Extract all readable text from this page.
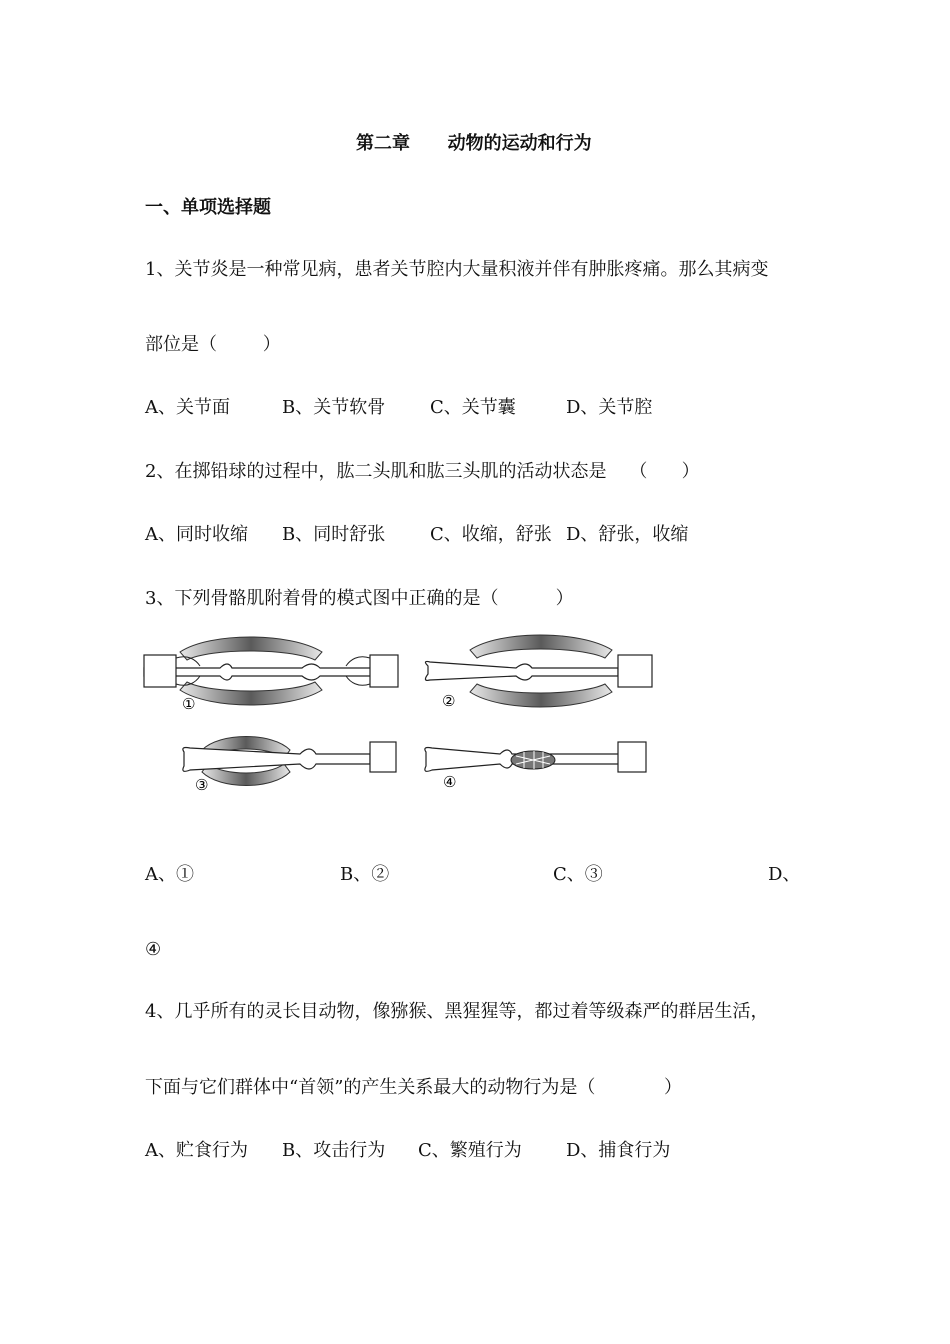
第二章      动物的运动和行为
一、单项选择题
1、关节炎是一种常见病，患者关节腔内大量积液并伴有肿胀疼痛。那么其病变
部位是（        ）
A、关节面	B、关节软骨 C、关节囊	D、关节腔
2、在掷铅球的过程中，肱二头肌和肱三头肌的活动状态是    （      ）
A、同时收缩 B、同时舒张 C、收缩，舒张 D、舒张，收缩
3、下列骨骼肌附着骨的模式图中正确的是（          ）
①	②
③	④
A、①	B、②	C、③	D、
④
4、几乎所有的灵长目动物，像猕猴、黑猩猩等，都过着等级森严的群居生活，
下面与它们群体中“首领”的产生关系最大的动物行为是（            ）
A、贮食行为 B、攻击行为 C、繁殖行为 D、捕食行为
